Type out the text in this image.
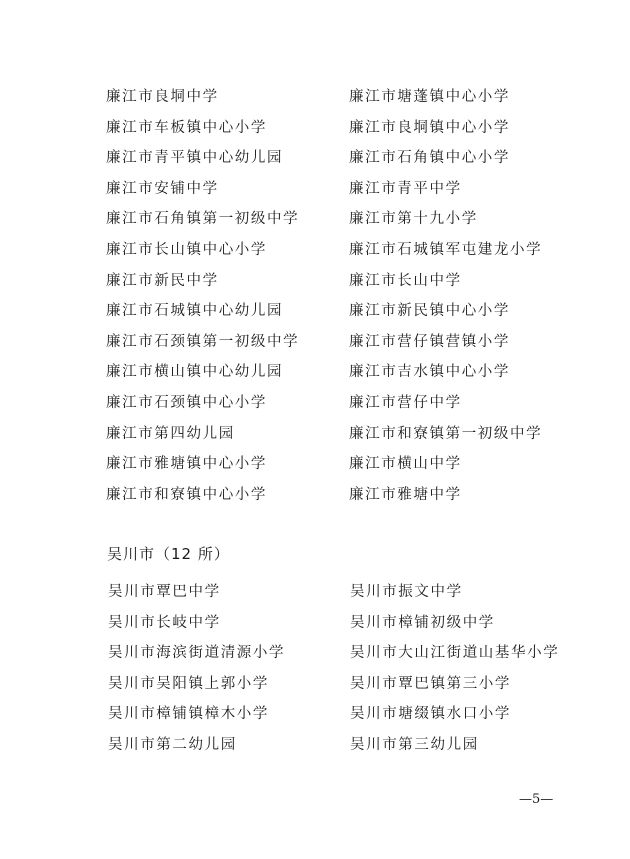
廉江市良垌中学
廉江市车板镇中心小学
廉江市青平镇中心幼儿园
廉江市安铺中学
廉江市石角镇第一初级中学
廉江市长山镇中心小学
廉江市新民中学
廉江市石城镇中心幼儿园
廉江市石颈镇第一初级中学
廉江市横山镇中心幼儿园
廉江市石颈镇中心小学
廉江市第四幼儿园
廉江市雅塘镇中心小学
廉江市和寮镇中心小学
廉江市塘蓬镇中心小学
廉江市良垌镇中心小学
廉江市石角镇中心小学
廉江市青平中学
廉江市第十九小学
廉江市石城镇军屯建龙小学
廉江市长山中学
廉江市新民镇中心小学
廉江市营仔镇营镇小学
廉江市吉水镇中心小学
廉江市营仔中学
廉江市和寮镇第一初级中学
廉江市横山中学
廉江市雅塘中学
吴川市（12 所）
吴川市覃巴中学
吴川市长岐中学
吴川市海滨街道清源小学
吴川市吴阳镇上郭小学
吴川市樟铺镇樟木小学
吴川市第二幼儿园
吴川市振文中学
吴川市樟铺初级中学
吴川市大山江街道山基华小学
吴川市覃巴镇第三小学
吴川市塘缀镇水口小学
吴川市第三幼儿园
—5—
